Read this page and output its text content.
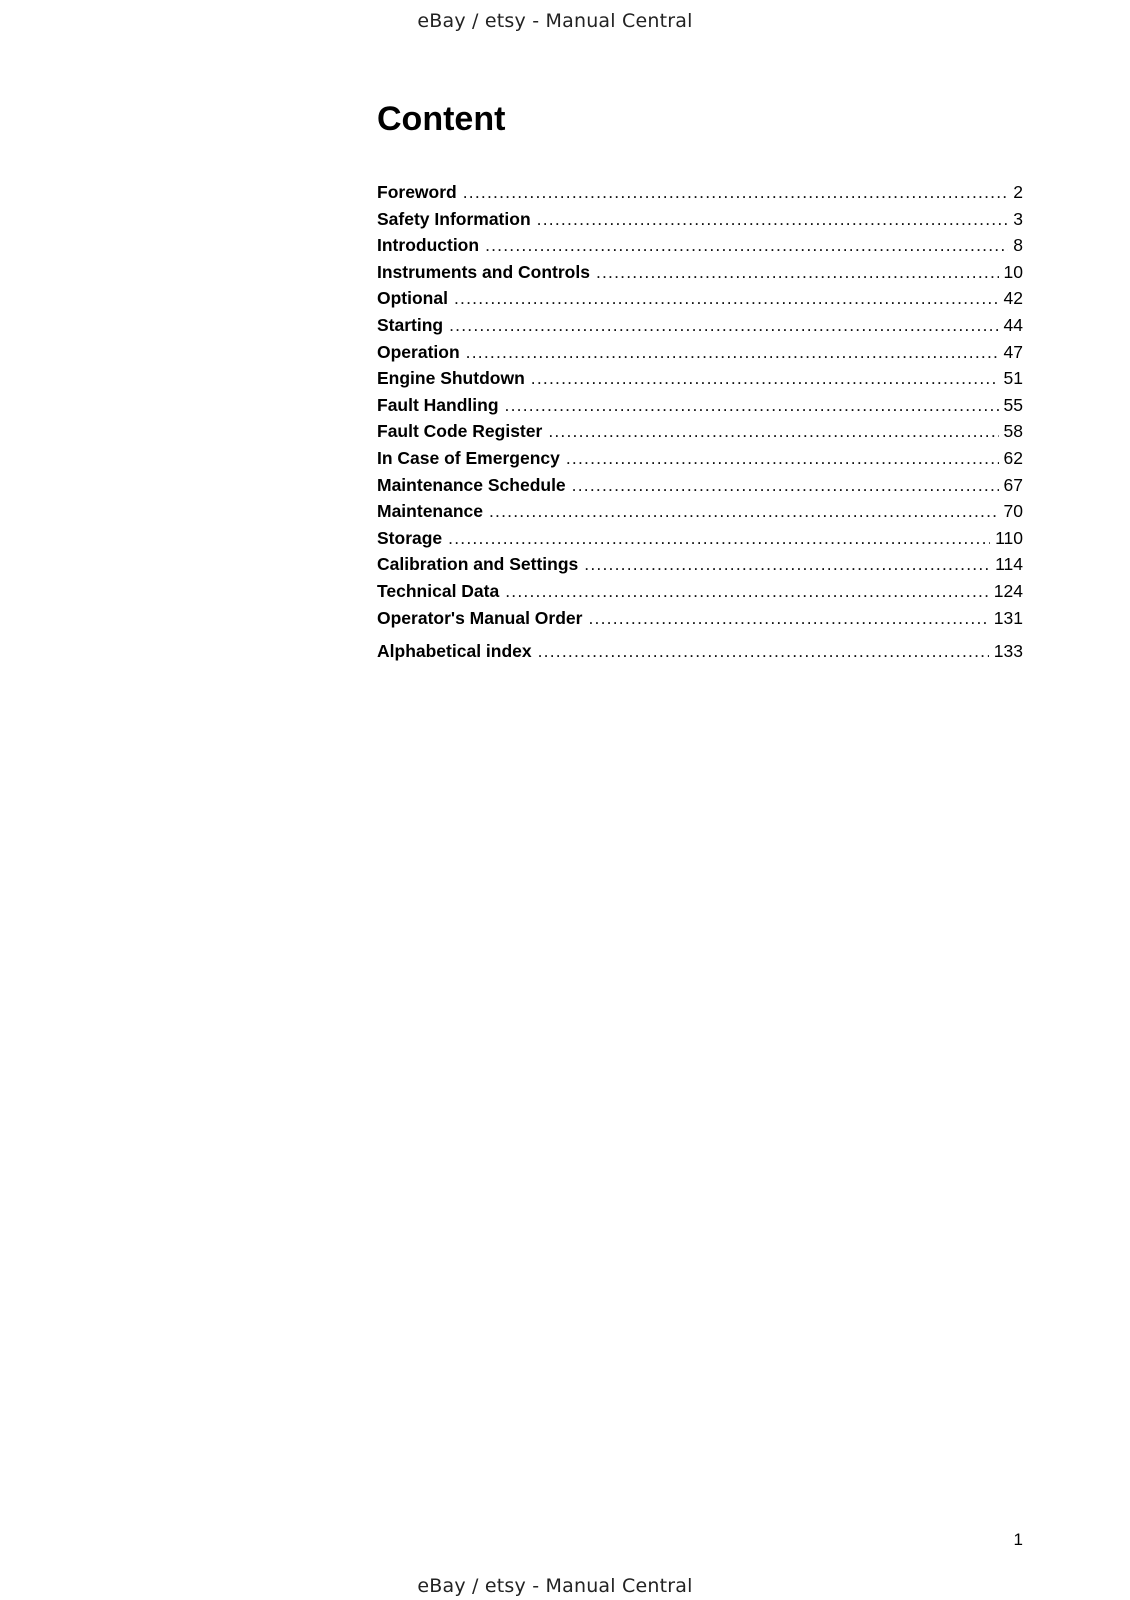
eBay / etsy - Manual Central
Content
Foreword .....	2
Safety Information .....	3
Introduction .....	8
Instruments and Controls .....	10
Optional .....	42
Starting .....	44
Operation .....	47
Engine Shutdown .....	51
Fault Handling .....	55
Fault Code Register .....	58
In Case of Emergency .....	62
Maintenance Schedule .....	67
Maintenance .....	70
Storage .....	110
Calibration and Settings .....	114
Technical Data .....	124
Operator's Manual Order .....	131
Alphabetical index .....	133
1
eBay / etsy - Manual Central
